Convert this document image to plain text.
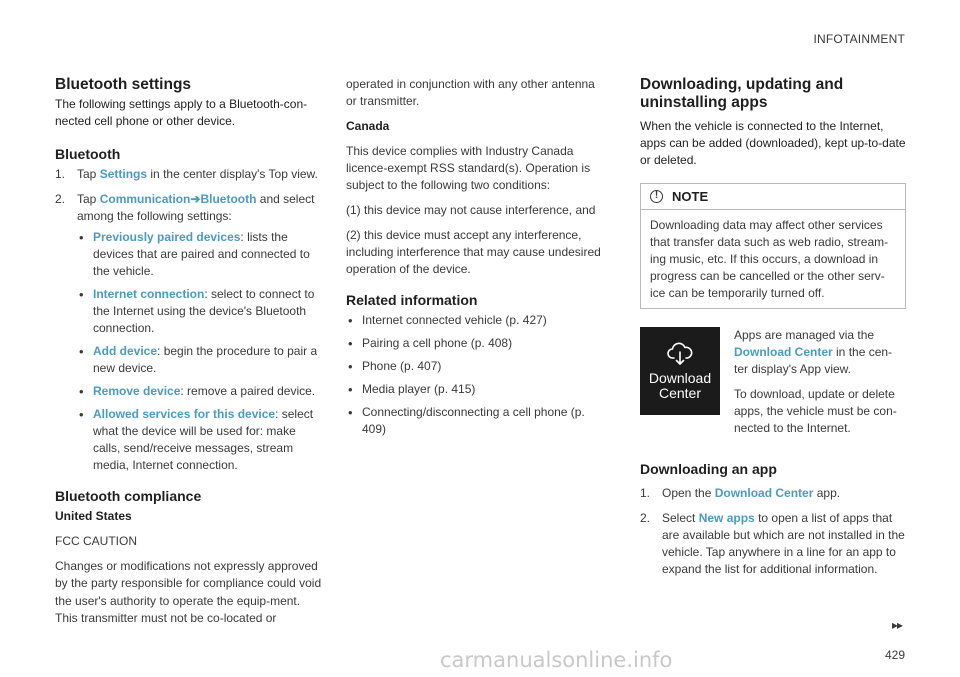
INFOTAINMENT
Bluetooth settings

The following settings apply to a Bluetooth-con-nected cell phone or other device.

Bluetooth
1. Tap Settings in the center display's Top view.
2. Tap Communication➔Bluetooth and select among the following settings:
• Previously paired devices: lists the devices that are paired and connected to the vehicle.
• Internet connection: select to connect to the Internet using the device's Bluetooth connection.
• Add device: begin the procedure to pair a new device.
• Remove device: remove a paired device.
• Allowed services for this device: select what the device will be used for: make calls, send/receive messages, stream media, Internet connection.
Bluetooth compliance

United States

FCC CAUTION

Changes or modifications not expressly approved by the party responsible for compliance could void the user's authority to operate the equip-ment. This transmitter must not be co-located or

operated in conjunction with any other antenna or transmitter.

Canada

This device complies with Industry Canada licence-exempt RSS standard(s). Operation is subject to the following two conditions:

(1) this device may not cause interference, and

(2) this device must accept any interference, including interference that may cause undesired operation of the device.

Related information
• Internet connected vehicle (p. 427)
• Pairing a cell phone (p. 408)
• Phone (p. 407)
• Media player (p. 415)
• Connecting/disconnecting a cell phone (p. 409)
Downloading, updating and uninstalling apps

When the vehicle is connected to the Internet, apps can be added (downloaded), kept up-to-date or deleted.

!	NOTE
Downloading data may affect other services that transfer data such as web radio, stream-ing music, etc. If this occurs, a download in progress can be cancelled or the other serv-ice can be temporarily turned off.
Download
Center

Apps are managed via the Download Center in the cen-ter display's App view.

To download, update or delete apps, the vehicle must be con-nected to the Internet.

Downloading an app
1. Open the Download Center app.
2. Select New apps to open a list of apps that are available but which are not installed in the vehicle. Tap anywhere in a line for an app to expand the list for additional information.
▸▸
429
carmanualsonline.info
